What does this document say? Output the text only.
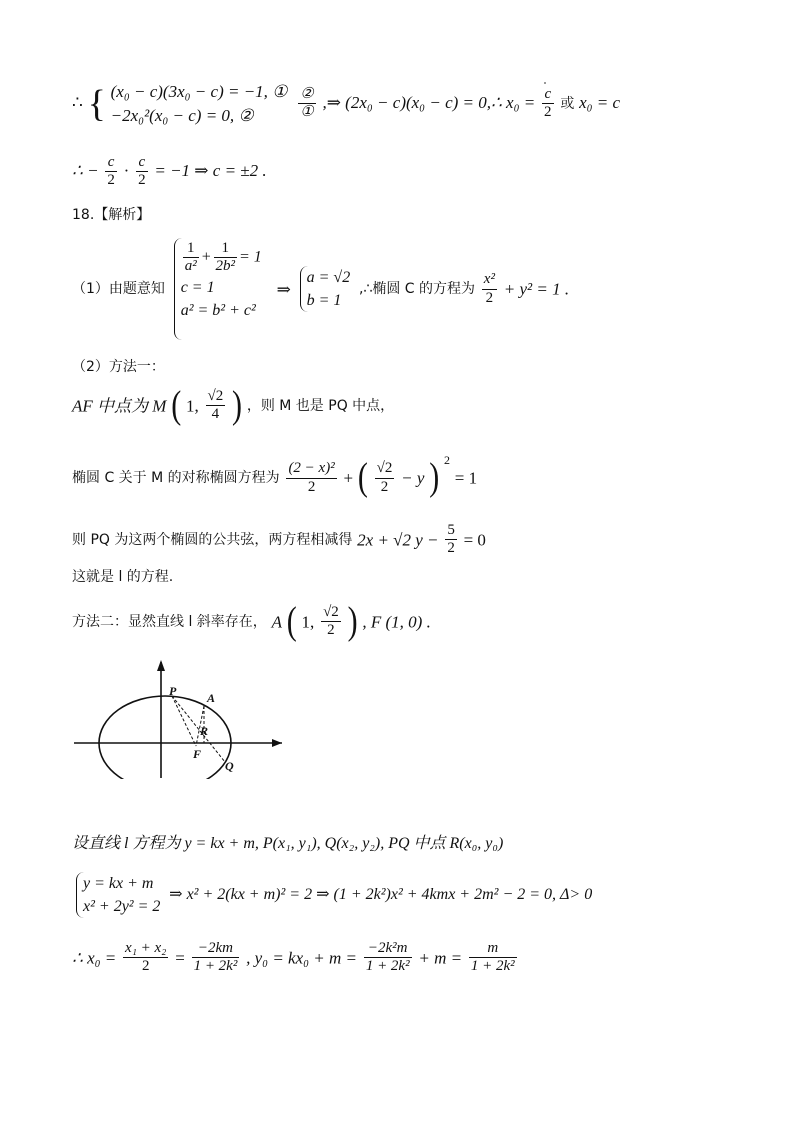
∴ { (x₀ − c)(3x₀ − c) = −1, ①
−2x₀²(x₀ − c) = 0, ②
	$\frac{\text{②}}{\text{①}}$ ,⇒ (2x₀ − c)(x₀ − c) = 0,∴ $x_0 = \frac{c}{2}$ 或 x₀ = c
∴ − $\frac{c}{2} \cdot \frac{c}{2} = -1$ ⇒ c = ±2 .
18.【解析】
（1）由题意知
$\frac{1}{\text{a²}} + \frac{1}{\text{2b²}} = 1$
c = 1
a² = b² + c²
⇒
a = √2
b = 1
,∴椭圆 C 的方程为 $\frac{\text{x²}}{2} + y^2 = 1$ .
（2）方法一：
AF 中点为 M ( 1, $\frac{√2}{4}$ ) ，则 M 也是 PQ 中点，
椭圆 C 关于 M 的对称椭圆方程为 $\frac{\text{(2 − x)²}}{2}$ + ( $\frac{√2}{2} - y$ ) $^2$ = 1
则 PQ 为这两个椭圆的公共弦，两方程相减得 2x + √2 $y - \frac{5}{2} = 0$
这就是 l 的方程.
方法二：显然直线 l 斜率存在， A ( 1, $\frac{√2}{2}$ ) , F (1, 0) .
P	A
R
F
Q
设直线 l 方程为 y = kx + m, P(x₁, y₁), Q(x₂, y₂), PQ 中点 R(x₀, y₀)
y = kx + m
x² + 2y² = 2
⇒ x² + 2(kx + m)² = 2 ⇒ (1 + 2k²)x² + 4kmx + 2m² − 2 = 0, Δ> 0
∴ $x_0 = \frac{\text{x₁ + x₂}}{2} = \frac{-2km}{\text{1 + 2k²}}$ , $y_0 = kx_0 + m = \frac{\text{−2k²m}}{\text{1 + 2k²}} + m = \frac{m}{\text{1 + 2k²}}$
